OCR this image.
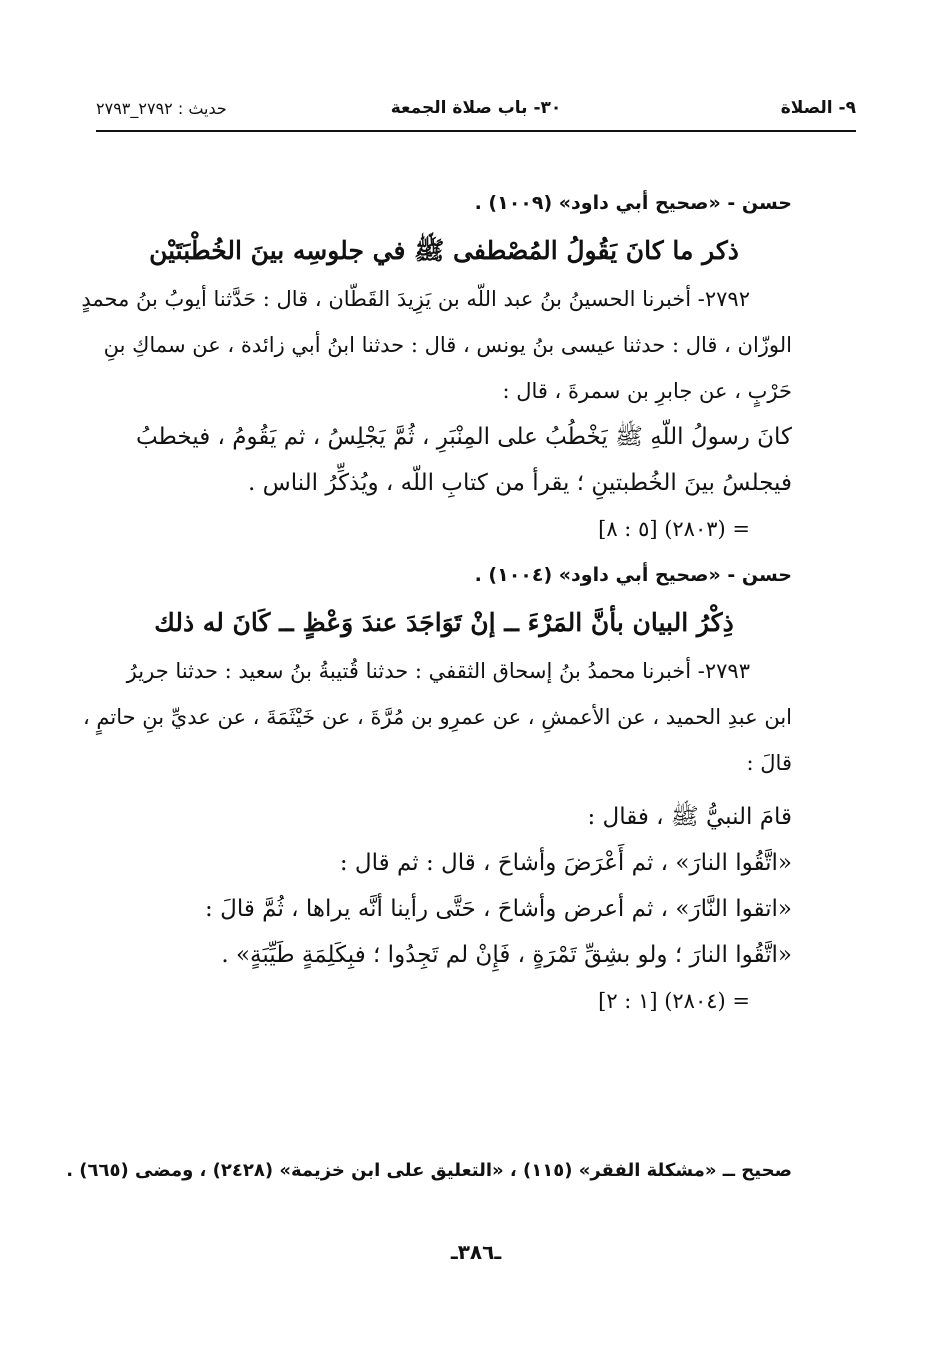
٩- الصلاة
٣٠- باب صلاة الجمعة
حديث : ٢٧٩٢_٢٧٩٣
حسن - «صحيح أبي داود» (١٠٠٩) .
ذكر ما كانَ يَقُولُ المُصْطفى ﷺ في جلوسِه بينَ الخُطْبَتَيْن
٢٧٩٢- أخبرنا الحسينُ بنُ عبد اللّه بن يَزِيدَ القَطّان ، قال : حَدَّثنا أيوبُ بنُ محمدٍ
الوزّان ، قال : حدثنا عيسى بنُ يونس ، قال : حدثنا ابنُ أبي زائدة ، عن سماكِ بنِ
حَرْبٍ ، عن جابرِ بن سمرةَ ، قال :
كانَ رسولُ اللّهِ ﷺ يَخْطُبُ على المِنْبَرِ ، ثُمَّ يَجْلِسُ ، ثم يَقُومُ ، فيخطبُ
فيجلسُ بينَ الخُطبتينِ ؛ يقرأ من كتابِ اللّه ، ويُذكِّرُ الناس .
= (٢٨٠٣) [٥ : ٨]
حسن - «صحيح أبي داود» (١٠٠٤) .
ذِكْرُ البيان بأنَّ المَرْءَ ــ إنْ تَوَاجَدَ عندَ وَعْظٍ ــ كَانَ له ذلك
٢٧٩٣- أخبرنا محمدُ بنُ إسحاق الثقفي : حدثنا قُتيبةُ بنُ سعيد : حدثنا جريرُ
ابن عبدِ الحميد ، عن الأعمشِ ، عن عمرِو بن مُرَّةَ ، عن خَيْثَمَةَ ، عن عديِّ بنِ حاتمٍ ،
قالَ :
قامَ النبيُّ ﷺ ، فقال :
«اتَّقُوا النارَ» ، ثم أَعْرَضَ وأشاحَ ، قال : ثم قال :
«اتقوا النَّارَ» ، ثم أعرض وأشاحَ ، حَتَّى رأينا أنَّه يراها ، ثُمَّ قالَ :
«اتَّقُوا النارَ ؛ ولو بشِقِّ تَمْرَةٍ ، فَإِنْ لم تَجِدُوا ؛ فبِكَلِمَةٍ طَيِّبَةٍ» .
= (٢٨٠٤) [١ : ٢]
صحيح ــ «مشكلة الفقر» (١١٥) ، «التعليق على ابن خزيمة» (٢٤٢٨) ، ومضى (٦٦٥) .
ـ٣٨٦ـ
